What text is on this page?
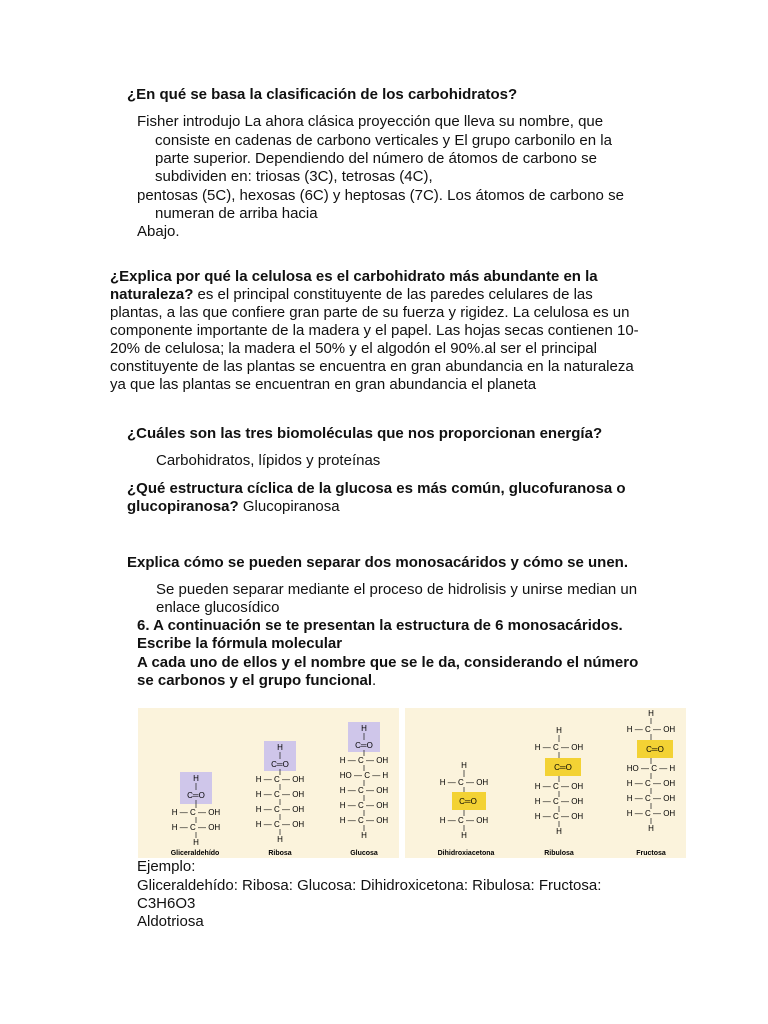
¿En qué se basa la clasificación de los carbohidratos?
Fisher introdujo La ahora clásica proyección que lleva su nombre, que
consiste en cadenas de carbono verticales y El grupo carbonilo en la
parte superior. Dependiendo del número de átomos de carbono se
subdividen en: triosas (3C), tetrosas (4C),
pentosas (5C), hexosas (6C) y heptosas (7C). Los átomos de carbono se
numeran de arriba hacia
Abajo.
¿Explica por qué la celulosa es el carbohidrato más abundante en la
naturaleza? es el principal constituyente de las paredes celulares de las
plantas, a las que confiere gran parte de su fuerza y rigidez. La celulosa es un
componente importante de la madera y el papel. Las hojas secas contienen 10-
20% de celulosa; la madera el 50% y el algodón el 90%.al ser el principal
constituyente de las plantas se encuentra en gran abundancia en la naturaleza
ya que las plantas se encuentran en gran abundancia el planeta
¿Cuáles son las tres biomoléculas que nos proporcionan energía?
Carbohidratos, lípidos y proteínas
¿Qué estructura cíclica de la glucosa es más común, glucofuranosa o
glucopiranosa? Glucopiranosa
Explica cómo se pueden separar dos monosacáridos y cómo se unen.
Se pueden separar mediante el proceso de hidrolisis y unirse median un
enlace glucosídico
6. A continuación se te presentan la estructura de 6 monosacáridos.
Escribe la fórmula molecular
A cada uno de ellos y el nombre que se le da, considerando el número
se carbonos y el grupo funcional.
H
C═O
H — C — OH
H — C — OH
H
Gliceraldehído
H
C═O
H — C — OH
H — C — OH
H — C — OH
H — C — OH
H
Ribosa
H
C═O
H — C — OH
HO — C — H
H — C — OH
H — C — OH
H — C — OH
H
Glucosa
H
H — C — OH
C═O
H — C — OH
H
Dihidroxiacetona
H
H — C — OH
C═O
H — C — OH
H — C — OH
H — C — OH
H
Ribulosa
H
H — C — OH
C═O
HO — C — H
H — C — OH
H — C — OH
H — C — OH
H
Fructosa
Ejemplo:
Gliceraldehído: Ribosa: Glucosa: Dihidroxicetona: Ribulosa: Fructosa:
C3H6O3
Aldotriosa
